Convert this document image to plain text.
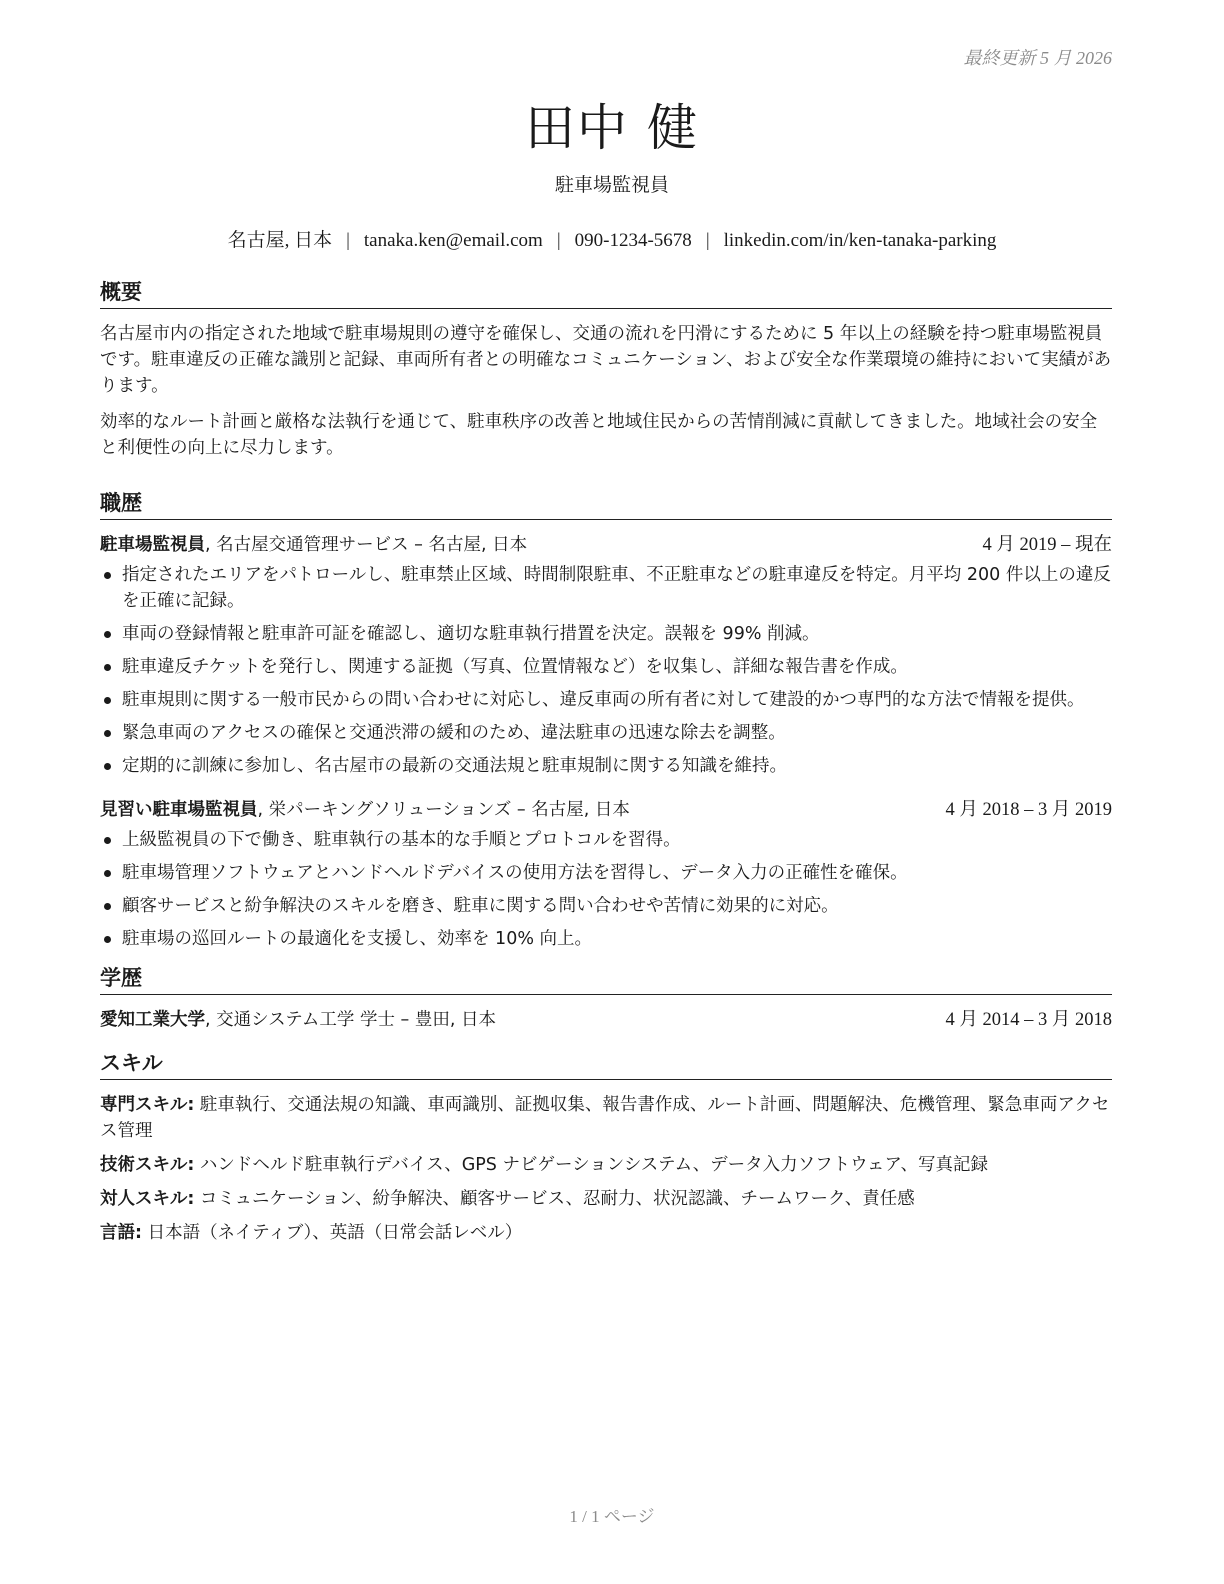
最終更新 5 月 2026
田中 健
駐車場監視員
名古屋, 日本 | tanaka.ken@email.com | 090-1234-5678 | linkedin.com/in/ken-tanaka-parking
概要

名古屋市内の指定された地域で駐車場規則の遵守を確保し、交通の流れを円滑にするために 5 年以上の経験を持つ駐車場監視員です。駐車違反の正確な識別と記録、車両所有者との明確なコミュニケーション、および安全な作業環境の維持において実績があります。

効率的なルート計画と厳格な法執行を通じて、駐車秩序の改善と地域住民からの苦情削減に貢献してきました。地域社会の安全と利便性の向上に尽力します。

職歴
駐車場監視員, 名古屋交通管理サービス – 名古屋, 日本	4 月 2019 – 現在
指定されたエリアをパトロールし、駐車禁止区域、時間制限駐車、不正駐車などの駐車違反を特定。月平均 200 件以上の違反を正確に記録。
車両の登録情報と駐車許可証を確認し、適切な駐車執行措置を決定。誤報を 99% 削減。
駐車違反チケットを発行し、関連する証拠（写真、位置情報など）を収集し、詳細な報告書を作成。
駐車規則に関する一般市民からの問い合わせに対応し、違反車両の所有者に対して建設的かつ専門的な方法で情報を提供。
緊急車両のアクセスの確保と交通渋滞の緩和のため、違法駐車の迅速な除去を調整。
定期的に訓練に参加し、名古屋市の最新の交通法規と駐車規制に関する知識を維持。
見習い駐車場監視員, 栄パーキングソリューションズ – 名古屋, 日本	4 月 2018 – 3 月 2019
上級監視員の下で働き、駐車執行の基本的な手順とプロトコルを習得。
駐車場管理ソフトウェアとハンドヘルドデバイスの使用方法を習得し、データ入力の正確性を確保。
顧客サービスと紛争解決のスキルを磨き、駐車に関する問い合わせや苦情に効果的に対応。
駐車場の巡回ルートの最適化を支援し、効率を 10% 向上。
学歴
愛知工業大学, 交通システム工学 学士 – 豊田, 日本	4 月 2014 – 3 月 2018
スキル
専門スキル: 駐車執行、交通法規の知識、車両識別、証拠収集、報告書作成、ルート計画、問題解決、危機管理、緊急車両アクセス管理
技術スキル: ハンドヘルド駐車執行デバイス、GPS ナビゲーションシステム、データ入力ソフトウェア、写真記録
対人スキル: コミュニケーション、紛争解決、顧客サービス、忍耐力、状況認識、チームワーク、責任感
言語: 日本語（ネイティブ）、英語（日常会話レベル）
1 / 1 ページ
